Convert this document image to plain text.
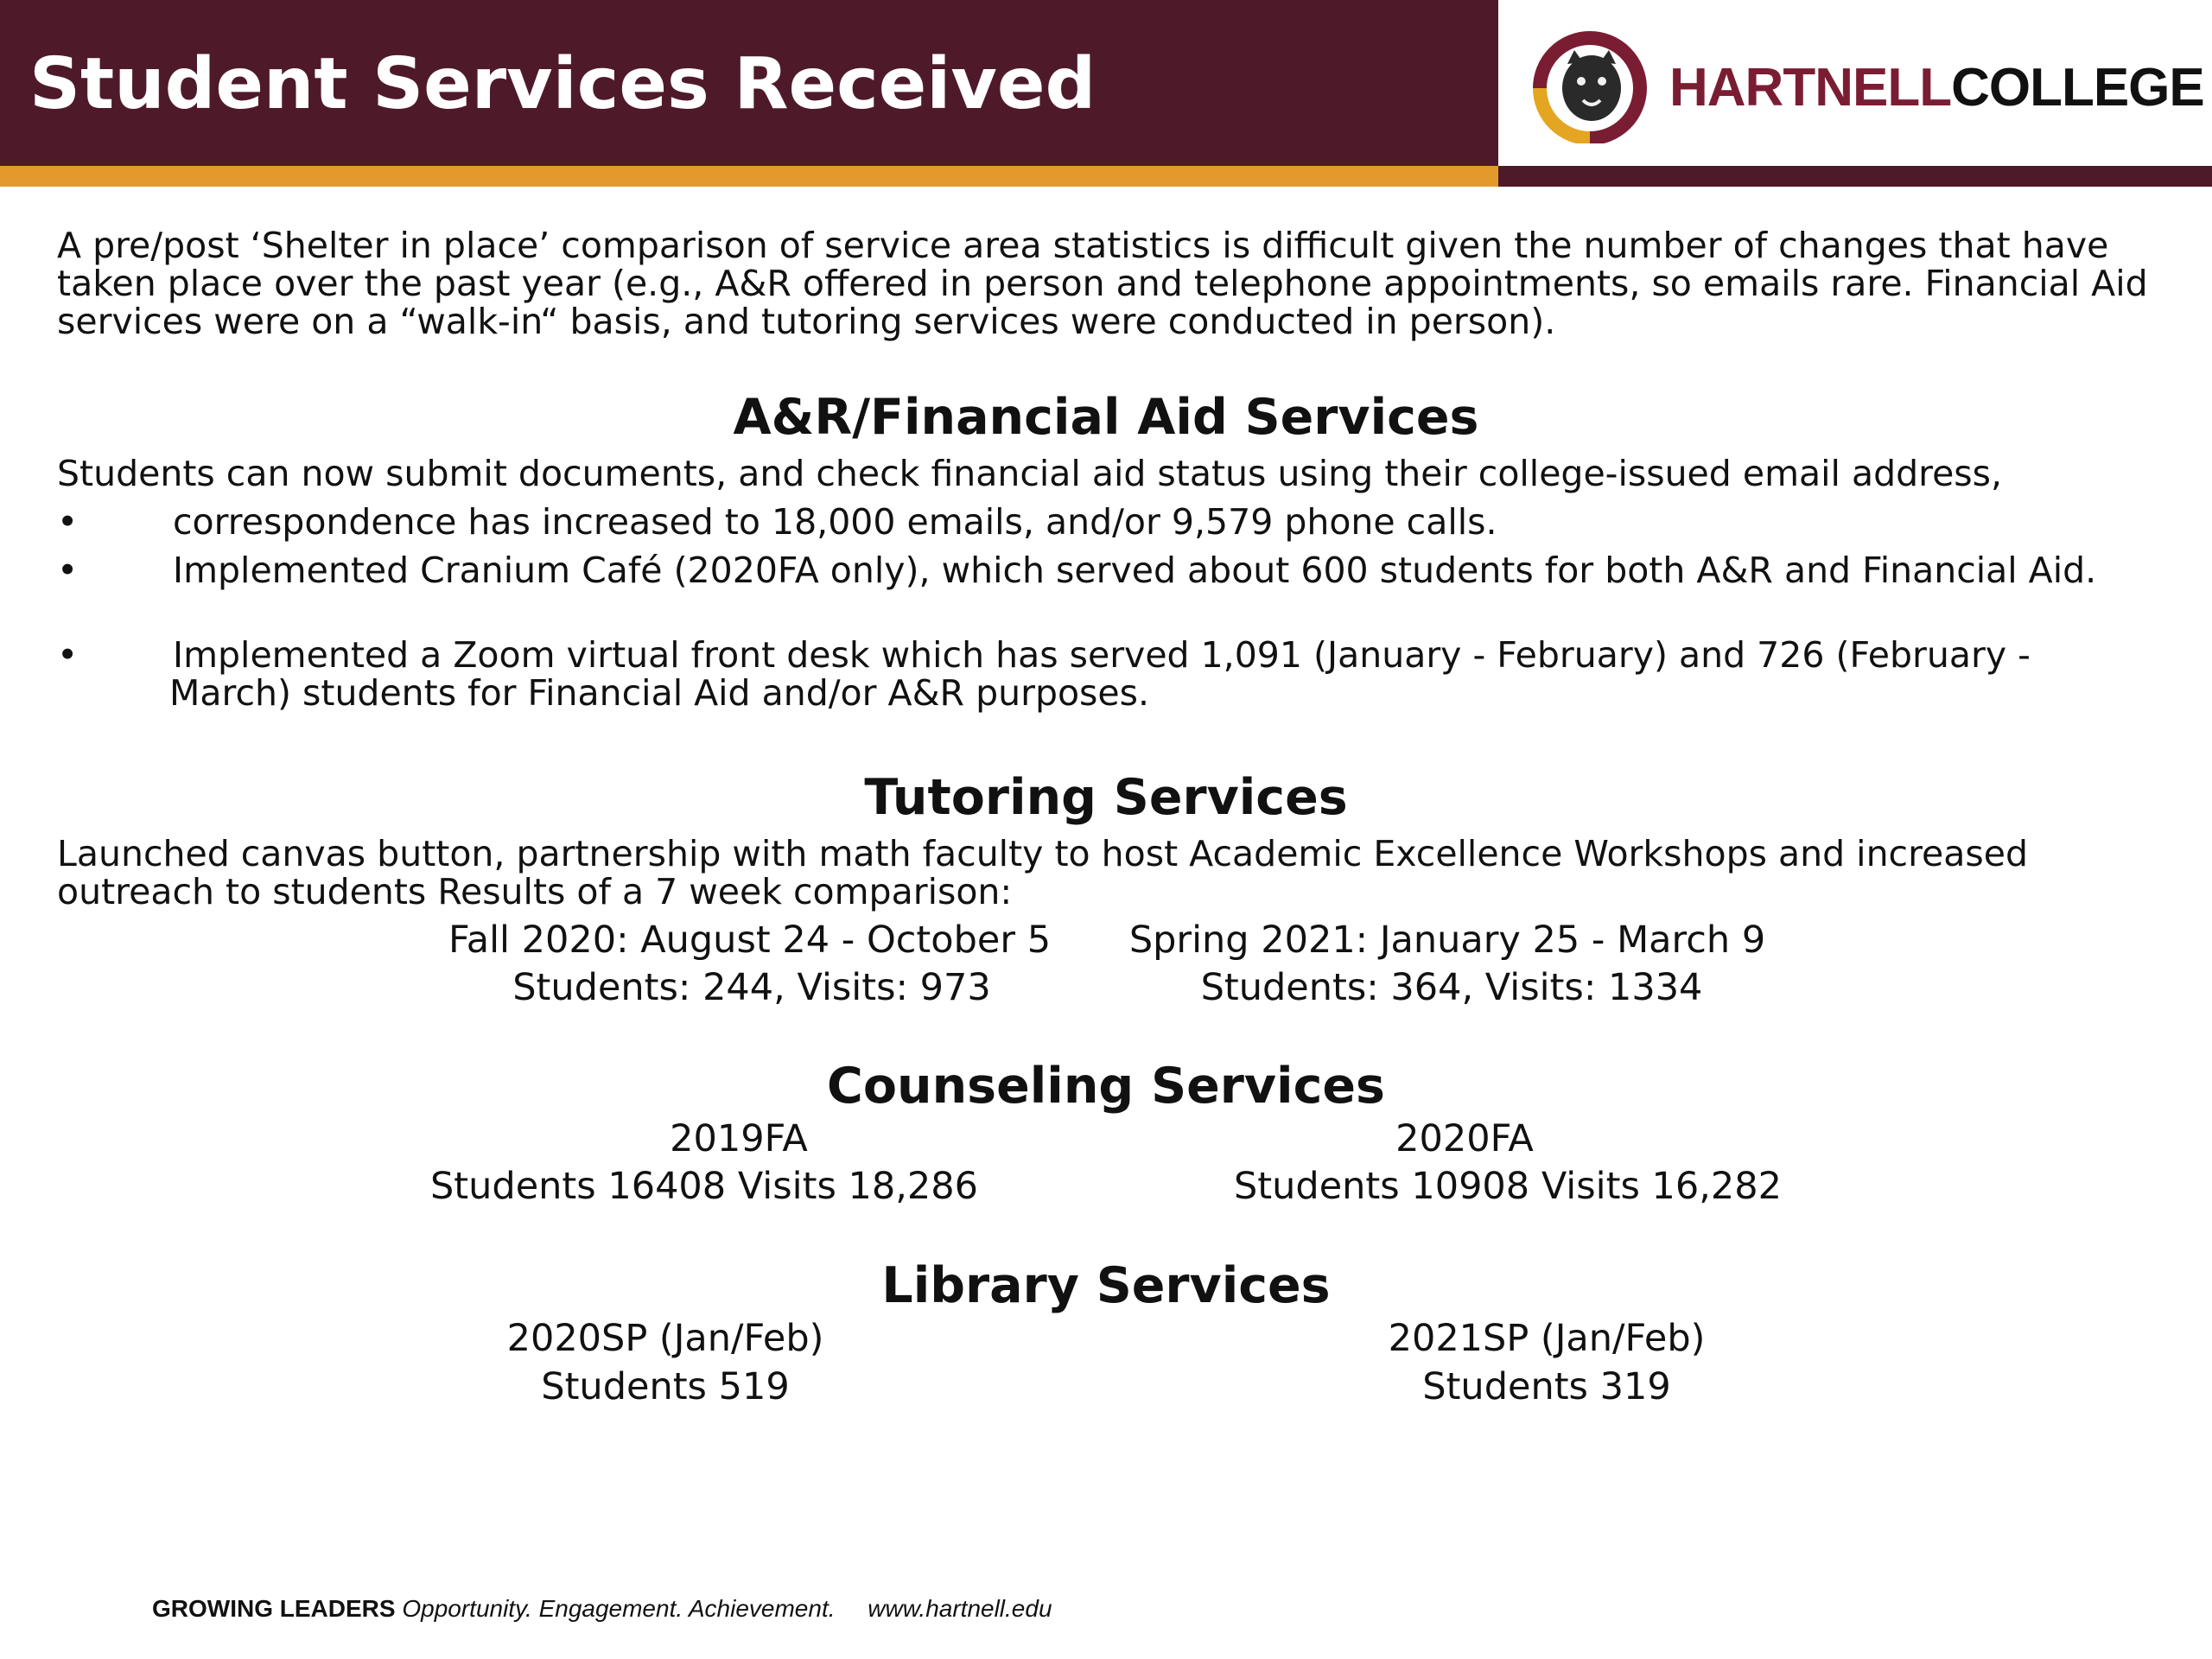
Student Services Received	HARTNELLCOLLEGE
A pre/post ‘Shelter in place’ comparison of service area statistics is difficult given the number of changes that have taken place over the past year (e.g., A&R offered in person and telephone appointments, so emails rare. Financial Aid services were on a “walk-in“ basis, and tutoring services were conducted in person).
A&R/Financial Aid Services
Students can now submit documents, and check financial aid status using their college-issued email address,
•	correspondence has increased to 18,000 emails, and/or 9,579 phone calls.
•	Implemented Cranium Café (2020FA only), which served about 600 students for both A&R and Financial Aid.
•	Implemented a Zoom virtual front desk which has served 1,091 (January - February) and 726 (February - March) students for Financial Aid and/or A&R purposes.
Tutoring Services
Launched canvas button, partnership with math faculty to host Academic Excellence Workshops and increased outreach to students Results of a 7 week comparison:
Fall 2020: August 24 - October 5	Spring 2021: January 25 - March 9
Students: 244, Visits: 973	Students: 364, Visits: 1334
Counseling Services
2019FA	2020FA
Students 16408 Visits 18,286	Students 10908 Visits 16,282
Library Services
2020SP (Jan/Feb)	2021SP (Jan/Feb)
Students 519	Students 319
GROWING LEADERS Opportunity. Engagement. Achievement. www.hartnell.edu
